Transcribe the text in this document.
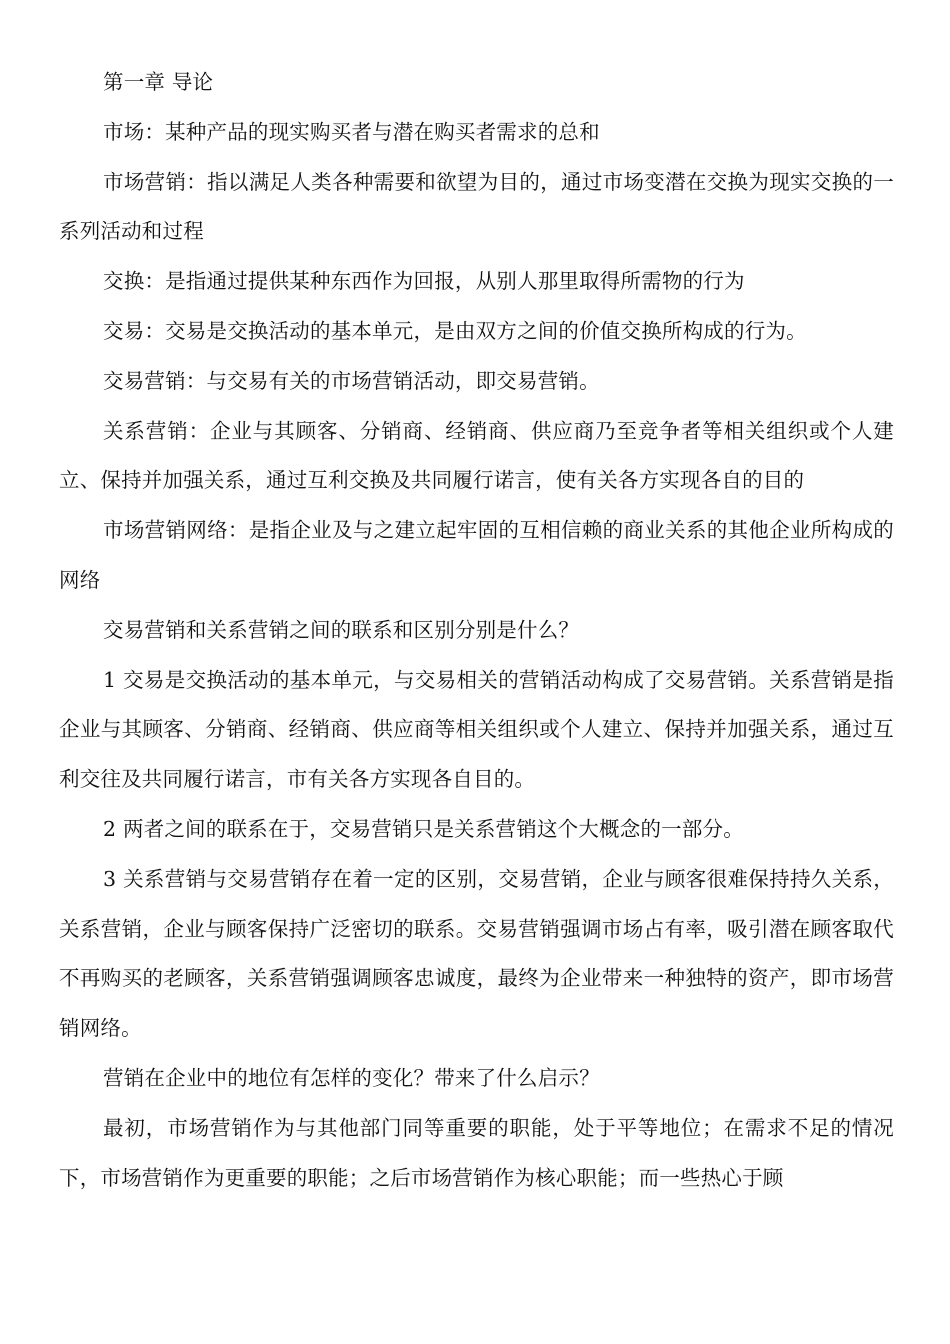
第一章 导论

市场：某种产品的现实购买者与潜在购买者需求的总和

市场营销：指以满足人类各种需要和欲望为目的，通过市场变潜在交换为现实交换的一系列活动和过程

交换：是指通过提供某种东西作为回报，从别人那里取得所需物的行为

交易：交易是交换活动的基本单元，是由双方之间的价值交换所构成的行为。

交易营销：与交易有关的市场营销活动，即交易营销。

关系营销：企业与其顾客、分销商、经销商、供应商乃至竞争者等相关组织或个人建立、保持并加强关系，通过互利交换及共同履行诺言，使有关各方实现各自的目的

市场营销网络：是指企业及与之建立起牢固的互相信赖的商业关系的其他企业所构成的网络

交易营销和关系营销之间的联系和区别分别是什么？

1 交易是交换活动的基本单元，与交易相关的营销活动构成了交易营销。关系营销是指企业与其顾客、分销商、经销商、供应商等相关组织或个人建立、保持并加强关系，通过互利交往及共同履行诺言，市有关各方实现各自目的。

2 两者之间的联系在于，交易营销只是关系营销这个大概念的一部分。

3 关系营销与交易营销存在着一定的区别，交易营销，企业与顾客很难保持持久关系，关系营销，企业与顾客保持广泛密切的联系。交易营销强调市场占有率，吸引潜在顾客取代不再购买的老顾客，关系营销强调顾客忠诚度，最终为企业带来一种独特的资产，即市场营销网络。

营销在企业中的地位有怎样的变化？带来了什么启示？

最初，市场营销作为与其他部门同等重要的职能，处于平等地位；在需求不足的情况下，市场营销作为更重要的职能；之后市场营销作为核心职能；而一些热心于顾
